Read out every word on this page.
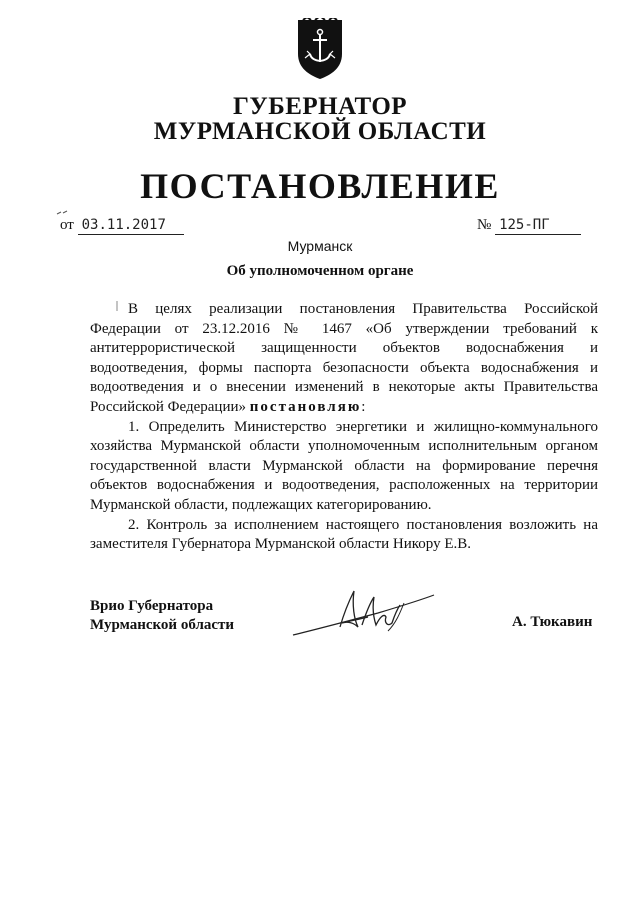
ГУБЕРНАТОР
МУРМАНСКОЙ ОБЛАСТИ
ПОСТАНОВЛЕНИЕ
от 03.11.2017	№ 125-ПГ
Мурманск
Об уполномоченном органе

В целях реализации постановления Правительства Российской Федерации от 23.12.2016 № 1467 «Об утверждении требований к антитеррористической защищенности объектов водоснабжения и водоотведения, формы паспорта безопасности объекта водоснабжения и водоотведения и о внесении изменений в некоторые акты Правительства Российской Федерации» постановляю:

1. Определить Министерство энергетики и жилищно-коммунального хозяйства Мурманской области уполномоченным исполнительным органом государственной власти Мурманской области на формирование перечня объектов водоснабжения и водоотведения, расположенных на территории Мурманской области, подлежащих категорированию.

2. Контроль за исполнением настоящего постановления возложить на заместителя Губернатора Мурманской области Никору Е.В.

Врио Губернатора
Мурманской области	А. Тюкавин
